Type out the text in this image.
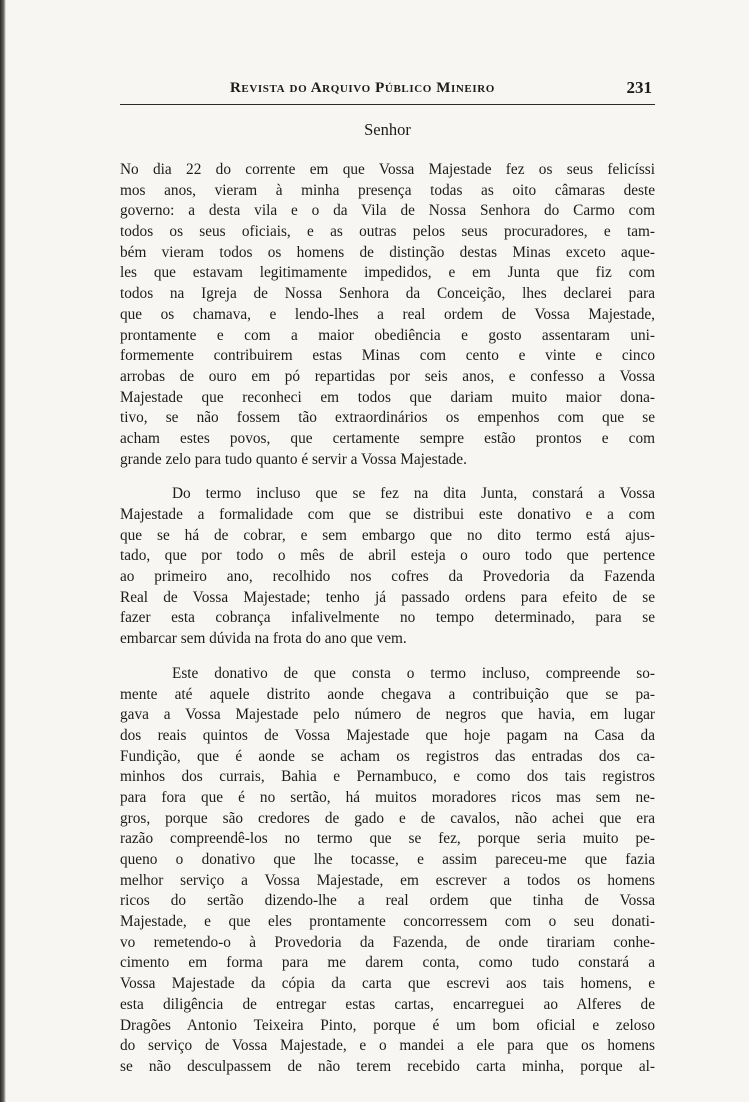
Revista do Arquivo Público Mineiro	231
Senhor
No dia 22 do corrente em que Vossa Majestade fez os seus felicíssi
mos anos, vieram à minha presença todas as oito câmaras deste
governo: a desta vila e o da Vila de Nossa Senhora do Carmo com
todos os seus oficiais, e as outras pelos seus procuradores, e tam-
bém vieram todos os homens de distinção destas Minas exceto aque-
les que estavam legitimamente impedidos, e em Junta que fiz com
todos na Igreja de Nossa Senhora da Conceição, lhes declarei para
que os chamava, e lendo-lhes a real ordem de Vossa Majestade,
prontamente e com a maior obediência e gosto assentaram uni-
formemente contribuirem estas Minas com cento e vinte e cinco
arrobas de ouro em pó repartidas por seis anos, e confesso a Vossa
Majestade que reconheci em todos que dariam muito maior dona-
tivo, se não fossem tão extraordinários os empenhos com que se
acham estes povos, que certamente sempre estão prontos e com
grande zelo para tudo quanto é servir a Vossa Majestade.
Do termo incluso que se fez na dita Junta, constará a Vossa
Majestade a formalidade com que se distribui este donativo e a com
que se há de cobrar, e sem embargo que no dito termo está ajus-
tado, que por todo o mês de abril esteja o ouro todo que pertence
ao primeiro ano, recolhido nos cofres da Provedoria da Fazenda
Real de Vossa Majestade; tenho já passado ordens para efeito de se
fazer esta cobrança infalivelmente no tempo determinado, para se
embarcar sem dúvida na frota do ano que vem.
Este donativo de que consta o termo incluso, compreende so-
mente até aquele distrito aonde chegava a contribuição que se pa-
gava a Vossa Majestade pelo número de negros que havia, em lugar
dos reais quintos de Vossa Majestade que hoje pagam na Casa da
Fundição, que é aonde se acham os registros das entradas dos ca-
minhos dos currais, Bahia e Pernambuco, e como dos tais registros
para fora que é no sertão, há muitos moradores ricos mas sem ne-
gros, porque são credores de gado e de cavalos, não achei que era
razão compreendê-los no termo que se fez, porque seria muito pe-
queno o donativo que lhe tocasse, e assim pareceu-me que fazia
melhor serviço a Vossa Majestade, em escrever a todos os homens
ricos do sertão dizendo-lhe a real ordem que tinha de Vossa
Majestade, e que eles prontamente concorressem com o seu donati-
vo remetendo-o à Provedoria da Fazenda, de onde tirariam conhe-
cimento em forma para me darem conta, como tudo constará a
Vossa Majestade da cópia da carta que escrevi aos tais homens, e
esta diligência de entregar estas cartas, encarreguei ao Alferes de
Dragões Antonio Teixeira Pinto, porque é um bom oficial e zeloso
do serviço de Vossa Majestade, e o mandei a ele para que os homens
se não desculpassem de não terem recebido carta minha, porque al-
